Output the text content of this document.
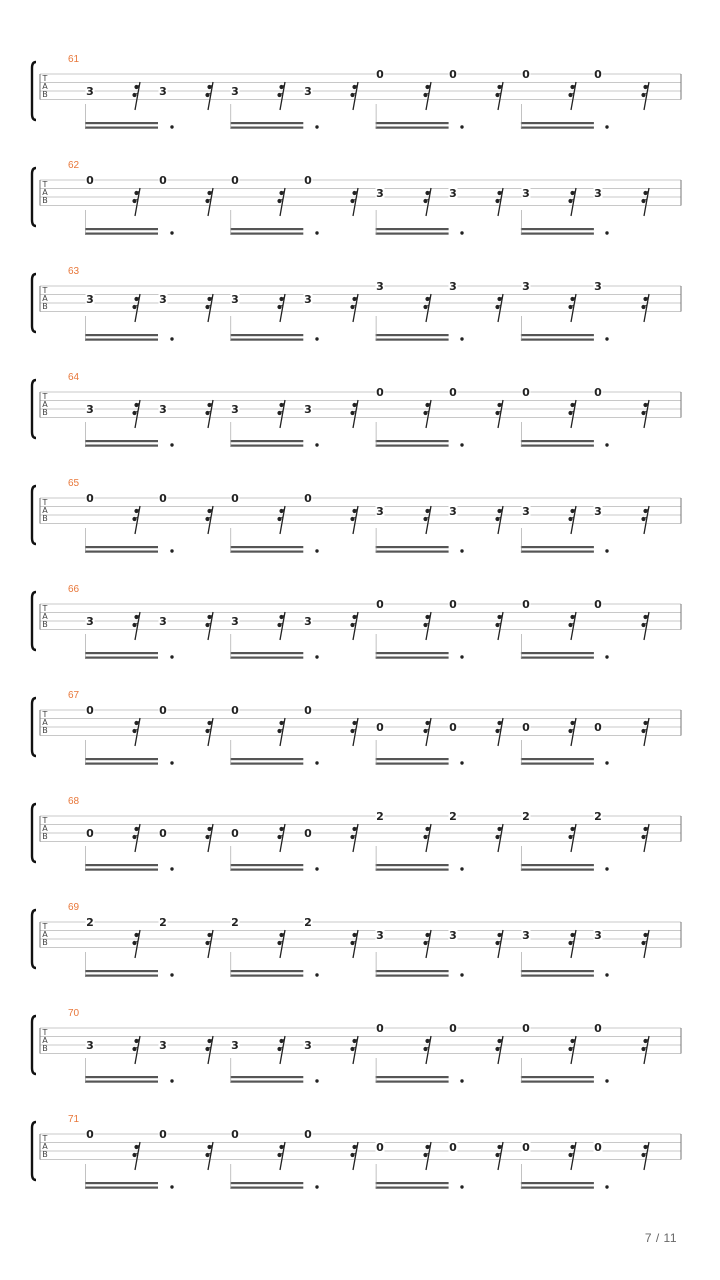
T
A
B
61
3	3	3	3
0	0	0	0
T
A
B
62
0	0	0	0
3	3	3	3
T
A
B
63
3	3	3	3
3	3	3	3
T
A
B
64
3	3	3	3
0	0	0	0
T
A
B
65
0	0	0	0
3	3	3	3
T
A
B
66
3	3	3	3
0	0	0	0
T
A
B
67
0	0	0	0
0	0	0	0
T
A
B
68
0	0	0	0
2	2	2	2
T
A
B
69
2	2	2	2
3	3	3	3
T
A
B
70
3	3	3	3
0	0	0	0
T
A
B
71
0	0	0	0
0	0	0	0
7 / 11
